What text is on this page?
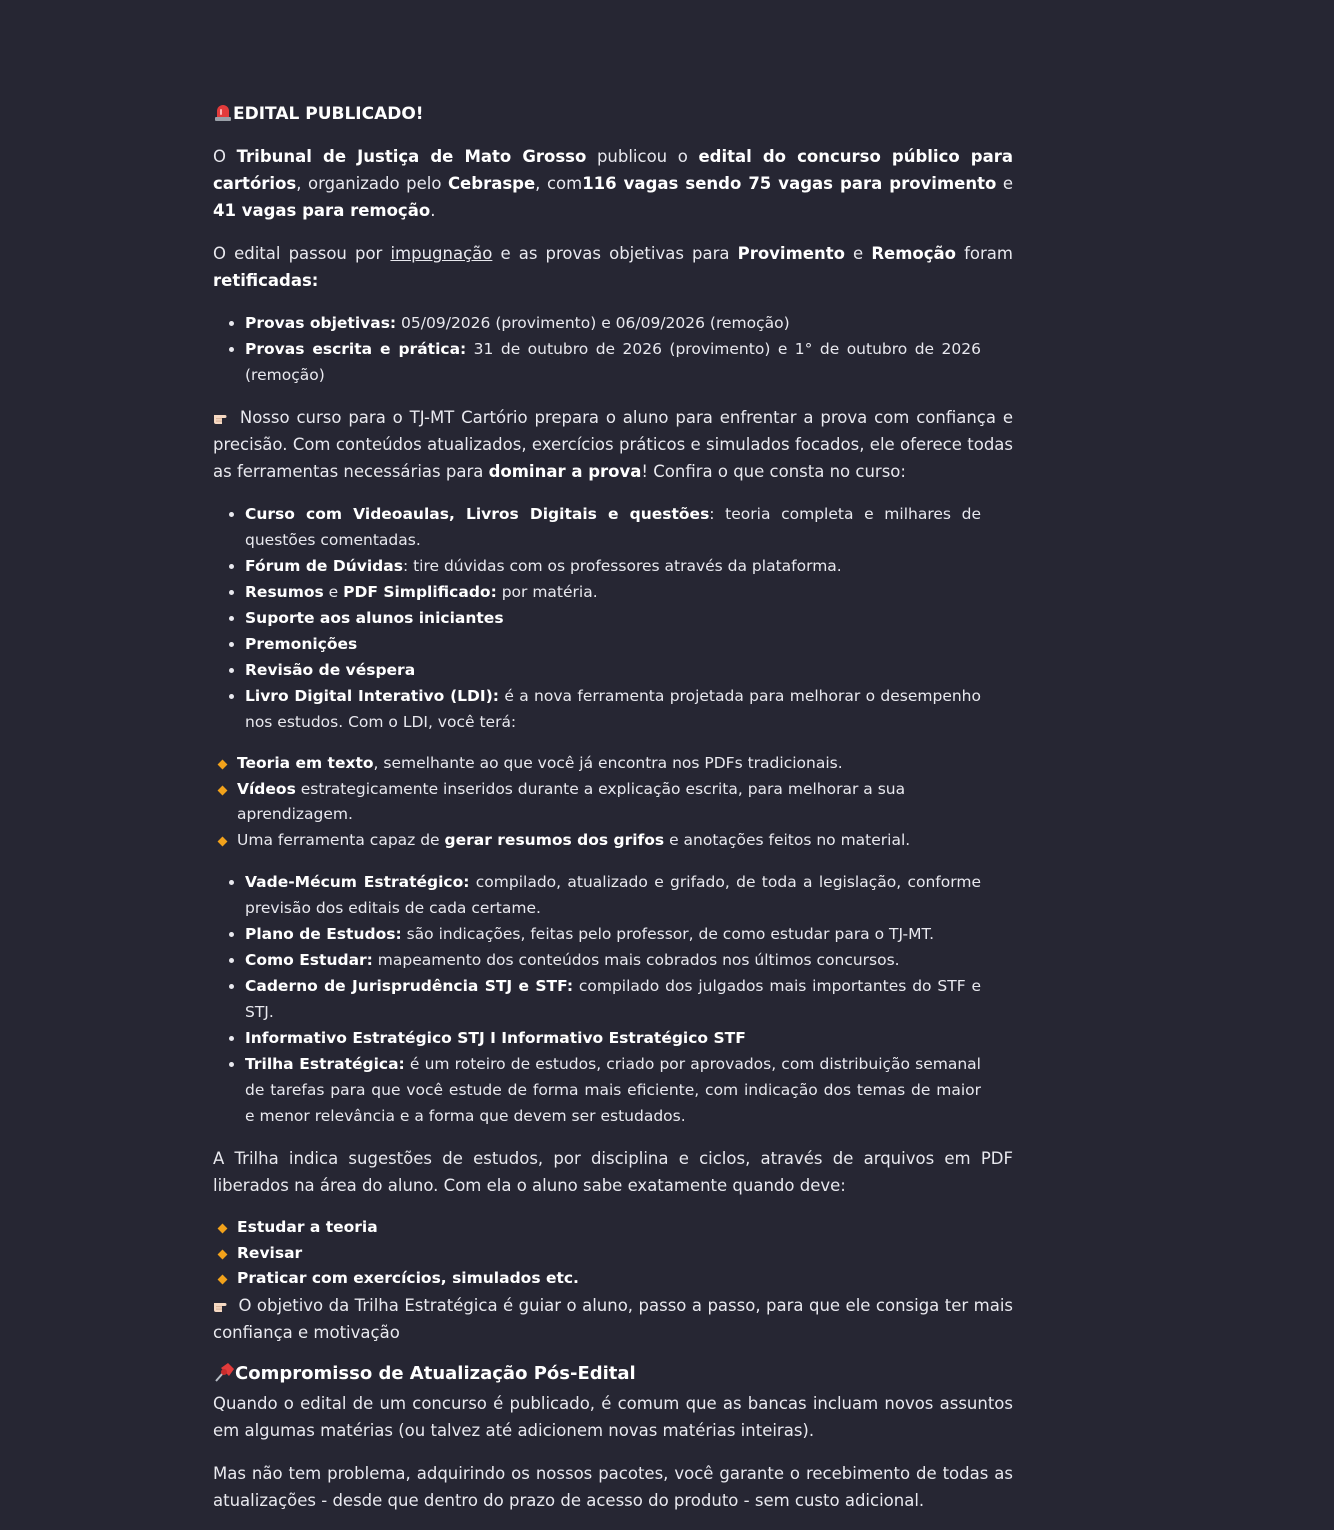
EDITAL PUBLICADO!

O Tribunal de Justiça de Mato Grosso publicou o edital do concurso público para cartórios, organizado pelo Cebraspe, com116 vagas sendo 75 vagas para provimento e 41 vagas para remoção.

O edital passou por impugnação e as provas objetivas para Provimento e Remoção foram retificadas:

• Provas objetivas: 05/09/2026 (provimento) e 06/09/2026 (remoção)
• Provas escrita e prática: 31 de outubro de 2026 (provimento) e 1° de outubro de 2026 (remoção)

Nosso curso para o TJ-MT Cartório prepara o aluno para enfrentar a prova com confiança e precisão. Com conteúdos atualizados, exercícios práticos e simulados focados, ele oferece todas as ferramentas necessárias para dominar a prova! Confira o que consta no curso:

• Curso com Videoaulas, Livros Digitais e questões: teoria completa e milhares de questões comentadas.
• Fórum de Dúvidas: tire dúvidas com os professores através da plataforma.
• Resumos e PDF Simplificado: por matéria.
• Suporte aos alunos iniciantes
• Premonições
• Revisão de véspera
• Livro Digital Interativo (LDI): é a nova ferramenta projetada para melhorar o desempenho nos estudos. Com o LDI, você terá:
Teoria em texto, semelhante ao que você já encontra nos PDFs tradicionais.
Vídeos estrategicamente inseridos durante a explicação escrita, para melhorar a sua aprendizagem.
Uma ferramenta capaz de gerar resumos dos grifos e anotações feitos no material.
• Vade-Mécum Estratégico: compilado, atualizado e grifado, de toda a legislação, conforme previsão dos editais de cada certame.
• Plano de Estudos: são indicações, feitas pelo professor, de como estudar para o TJ-MT.
• Como Estudar: mapeamento dos conteúdos mais cobrados nos últimos concursos.
• Caderno de Jurisprudência STJ e STF: compilado dos julgados mais importantes do STF e STJ.
• Informativo Estratégico STJ I Informativo Estratégico STF
• Trilha Estratégica: é um roteiro de estudos, criado por aprovados, com distribuição semanal de tarefas para que você estude de forma mais eficiente, com indicação dos temas de maior e menor relevância e a forma que devem ser estudados.

A Trilha indica sugestões de estudos, por disciplina e ciclos, através de arquivos em PDF liberados na área do aluno. Com ela o aluno sabe exatamente quando deve:

Estudar a teoria
Revisar
Praticar com exercícios, simulados etc.

O objetivo da Trilha Estratégica é guiar o aluno, passo a passo, para que ele consiga ter mais confiança e motivação

Compromisso de Atualização Pós-Edital

Quando o edital de um concurso é publicado, é comum que as bancas incluam novos assuntos em algumas matérias (ou talvez até adicionem novas matérias inteiras).

Mas não tem problema, adquirindo os nossos pacotes, você garante o recebimento de todas as atualizações - desde que dentro do prazo de acesso do produto - sem custo adicional.
